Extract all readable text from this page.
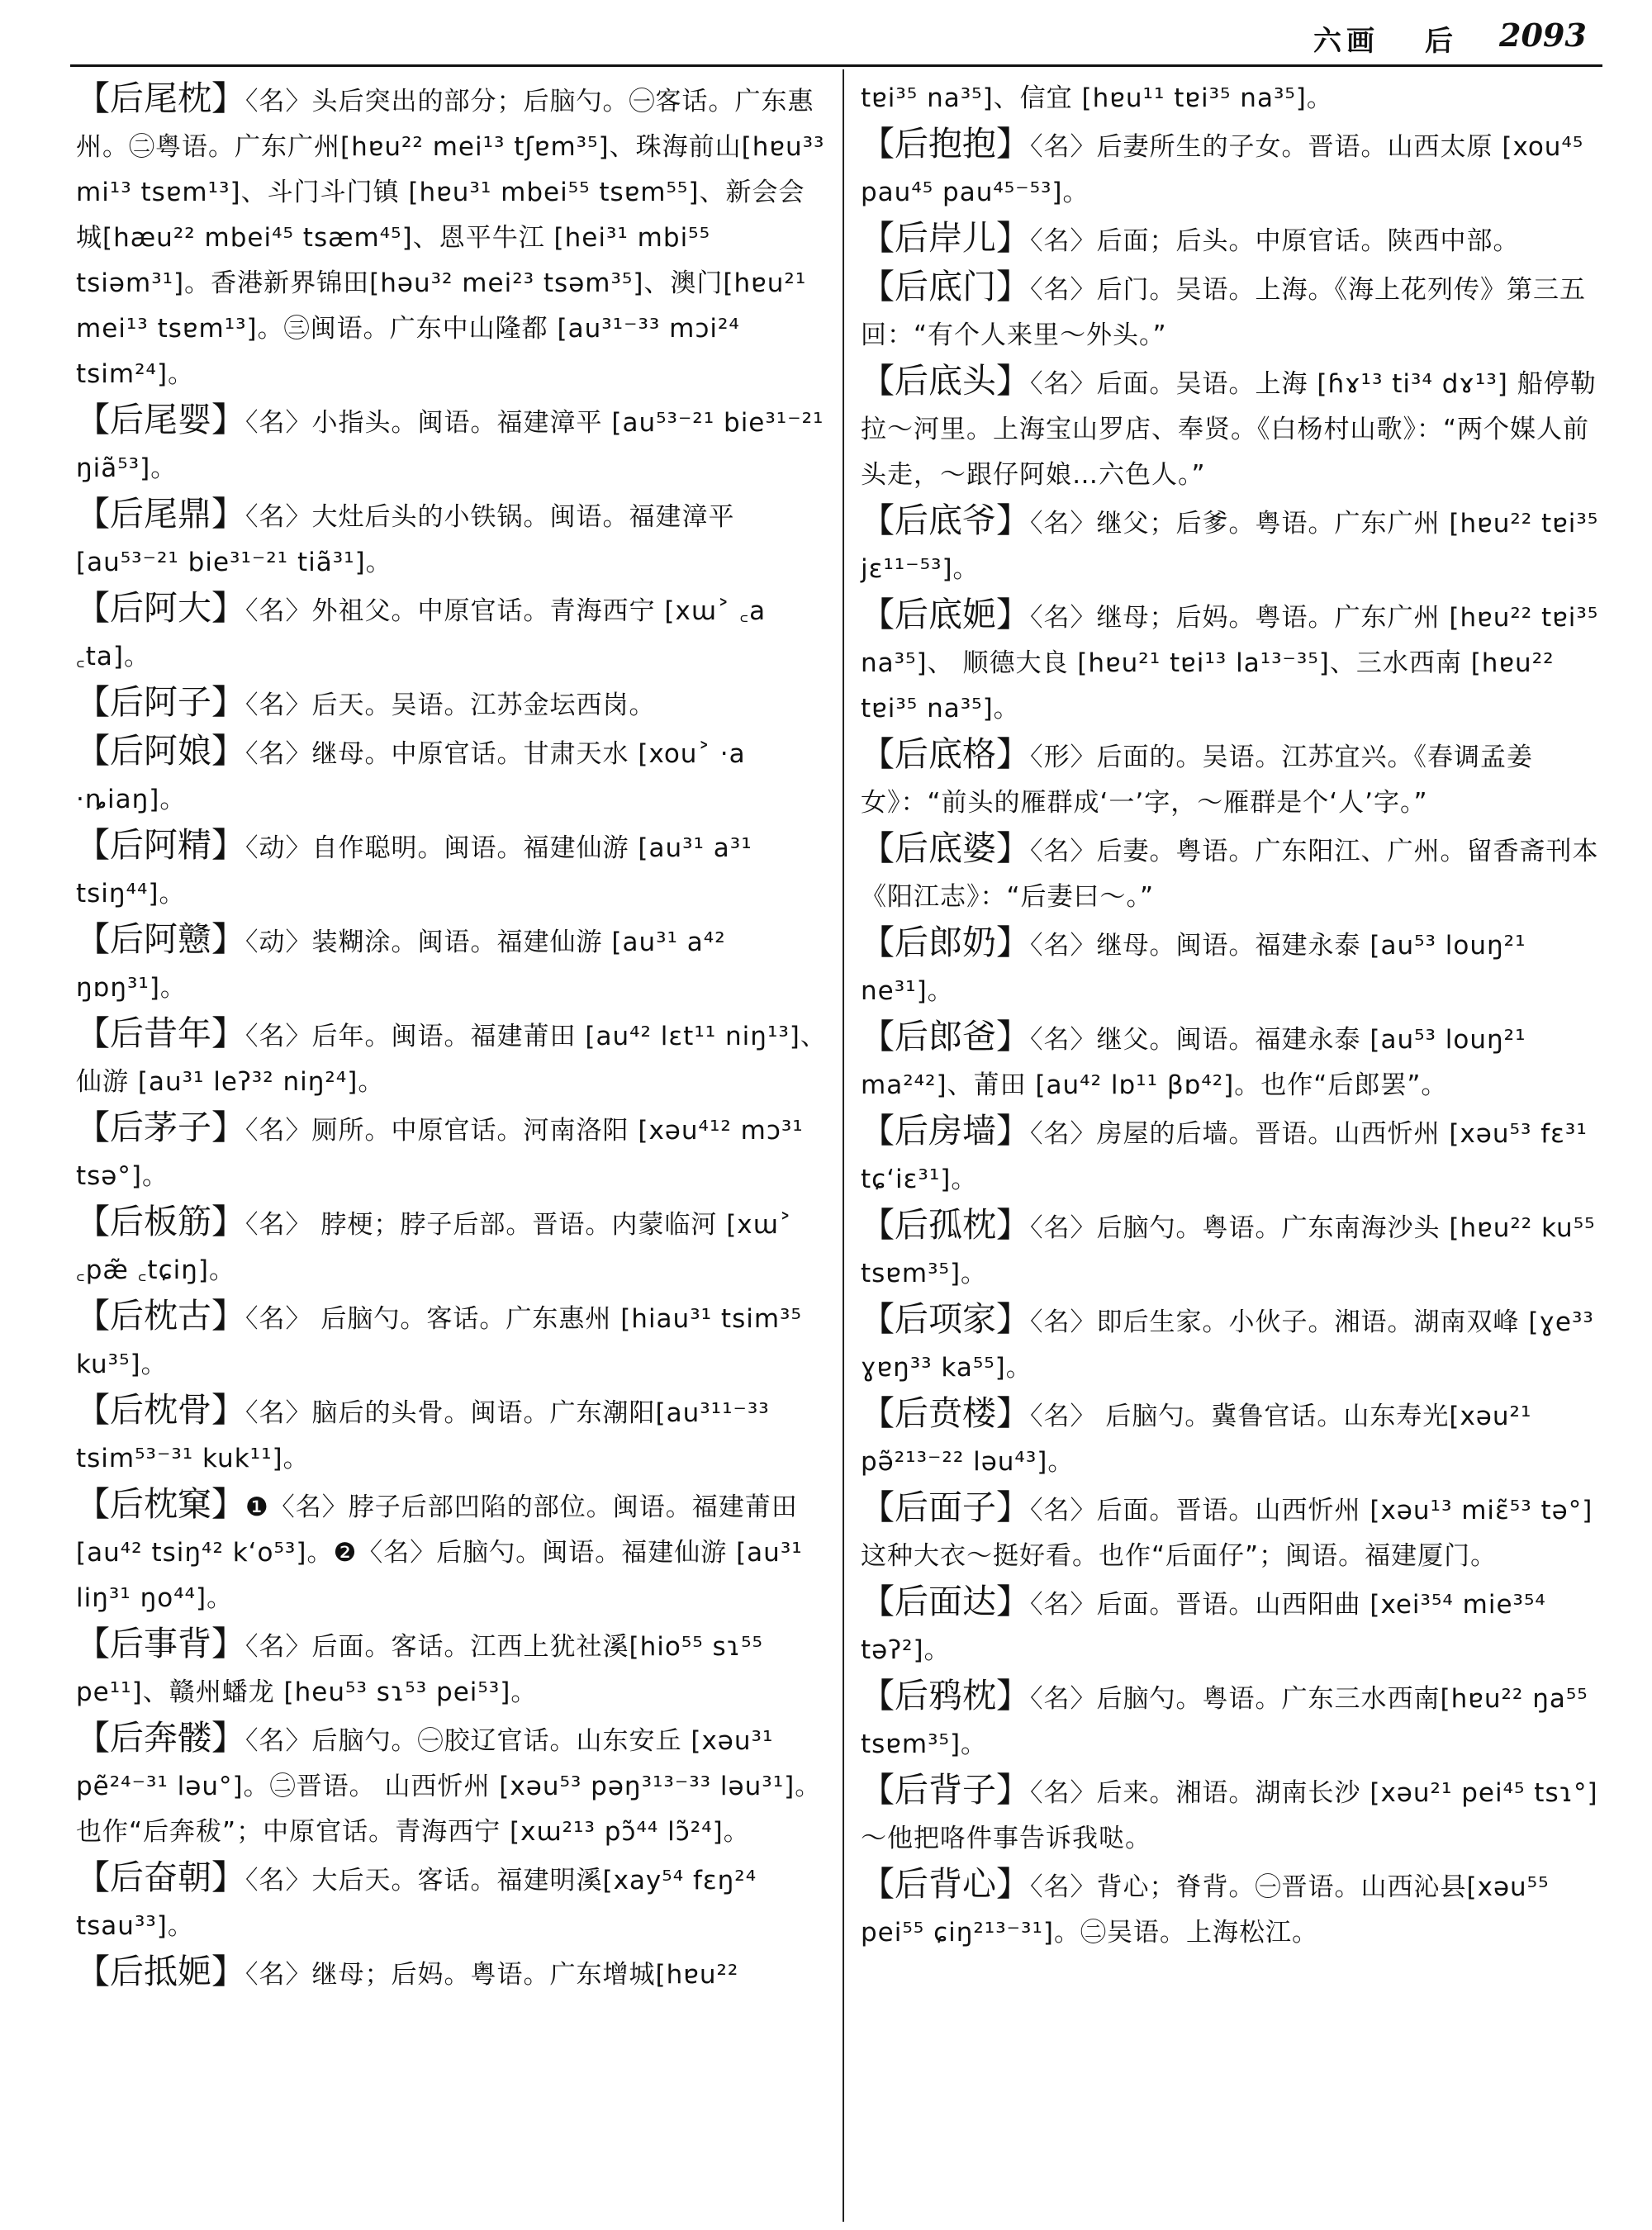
六画 后 2093

【后尾枕】〈名〉头后突出的部分；后脑勺。㊀客话。广东惠州。㊁粤语。广东广州[hɐu²² mei¹³ tʃɐm³⁵]、珠海前山[hɐu³³ mi¹³ tsɐm¹³]、斗门斗门镇 [hɐu³¹ mbei⁵⁵ tsɐm⁵⁵]、新会会城[hæu²² mbei⁴⁵ tsæm⁴⁵]、恩平牛江 [hei³¹ mbi⁵⁵ tsiəm³¹]。香港新界锦田[həu³² mei²³ tsəm³⁵]、澳门[hɐu²¹ mei¹³ tsɐm¹³]。㊂闽语。广东中山隆都 [au³¹⁻³³ mɔi²⁴ tsim²⁴]。

【后尾婴】〈名〉小指头。闽语。福建漳平 [au⁵³⁻²¹ bie³¹⁻²¹ ŋiã⁵³]。

【后尾鼎】〈名〉大灶后头的小铁锅。闽语。福建漳平 [au⁵³⁻²¹ bie³¹⁻²¹ tiã³¹]。

【后阿大】〈名〉外祖父。中原官话。青海西宁 [xɯ˃ ꜀a ꜀ta]。

【后阿子】〈名〉后天。吴语。江苏金坛西岗。

【后阿娘】〈名〉继母。中原官话。甘肃天水 [xou˃ ·a ·ȵiaŋ]。

【后阿精】〈动〉自作聪明。闽语。福建仙游 [au³¹ a³¹ tsiŋ⁴⁴]。

【后阿戆】〈动〉装糊涂。闽语。福建仙游 [au³¹ a⁴² ŋɒŋ³¹]。

【后昔年】〈名〉后年。闽语。福建莆田 [au⁴² lɛt¹¹ niŋ¹³]、仙游 [au³¹ leʔ³² niŋ²⁴]。

【后茅子】〈名〉厕所。中原官话。河南洛阳 [xəu⁴¹² mɔ³¹ tsə°]。

【后板筋】〈名〉 脖梗；脖子后部。晋语。内蒙临河 [xɯ˃ ꜀pæ̃ ꜀tɕiŋ]。

【后枕古】〈名〉 后脑勺。客话。广东惠州 [hiau³¹ tsim³⁵ ku³⁵]。

【后枕骨】〈名〉脑后的头骨。闽语。广东潮阳[au³¹¹⁻³³ tsim⁵³⁻³¹ kuk¹¹]。

【后枕窠】❶〈名〉脖子后部凹陷的部位。闽语。福建莆田 [au⁴² tsiŋ⁴² kʻo⁵³]。❷〈名〉后脑勺。闽语。福建仙游 [au³¹ liŋ³¹ ŋo⁴⁴]。

【后事背】〈名〉后面。客话。江西上犹社溪[hio⁵⁵ sɿ⁵⁵ pe¹¹]、赣州蟠龙 [heu⁵³ sɿ⁵³ pei⁵³]。

【后奔髅】〈名〉后脑勺。㊀胶辽官话。山东安丘 [xəu³¹ pẽ²⁴⁻³¹ ləu°]。㊁晋语。 山西忻州 [xəu⁵³ pəŋ³¹³⁻³³ ləu³¹]。也作“后奔秡”；中原官话。青海西宁 [xɯ²¹³ pɔ̃⁴⁴ lɔ̃²⁴]。

【后奋朝】〈名〉大后天。客话。福建明溪[xay⁵⁴ fɛŋ²⁴ tsau³³]。

【后抵㛂】〈名〉继母；后妈。粤语。广东增城[hɐu²²

tɐi³⁵ na³⁵]、信宜 [hɐu¹¹ tɐi³⁵ na³⁵]。

【后抱抱】〈名〉后妻所生的子女。晋语。山西太原 [xou⁴⁵ pau⁴⁵ pau⁴⁵⁻⁵³]。

【后岸儿】〈名〉后面；后头。中原官话。陕西中部。

【后底门】〈名〉后门。吴语。上海。《海上花列传》第三五回：“有个人来里～外头。”

【后底头】〈名〉后面。吴语。上海 [ɦɤ¹³ ti³⁴ dɤ¹³] 船停勒拉～河里。上海宝山罗店、奉贤。《白杨村山歌》：“两个媒人前头走，～跟仔阿娘…六色人。”

【后底爷】〈名〉继父；后爹。粤语。广东广州 [hɐu²² tɐi³⁵ jɛ¹¹⁻⁵³]。

【后底㛂】〈名〉继母；后妈。粤语。广东广州 [hɐu²² tɐi³⁵ na³⁵]、 顺德大良 [hɐu²¹ tɐi¹³ la¹³⁻³⁵]、三水西南 [hɐu²² tɐi³⁵ na³⁵]。

【后底格】〈形〉后面的。吴语。江苏宜兴。《春调孟姜女》：“前头的雁群成‘一’字，～雁群是个‘人’字。”

【后底婆】〈名〉后妻。粤语。广东阳江、广州。留香斋刊本《阳江志》：“后妻曰～。”

【后郎奶】〈名〉继母。闽语。福建永泰 [au⁵³ louŋ²¹ ne³¹]。

【后郎爸】〈名〉继父。闽语。福建永泰 [au⁵³ louŋ²¹ ma²⁴²]、莆田 [au⁴² lɒ¹¹ βɒ⁴²]。也作“后郎罢”。

【后房墙】〈名〉房屋的后墙。晋语。山西忻州 [xəu⁵³ fɛ³¹ tɕʻiɛ³¹]。

【后孤枕】〈名〉后脑勺。粤语。广东南海沙头 [hɐu²² ku⁵⁵ tsɐm³⁵]。

【后项家】〈名〉即后生家。小伙子。湘语。湖南双峰 [ɣe³³ ɣɐŋ³³ ka⁵⁵]。

【后贲楼】〈名〉 后脑勺。冀鲁官话。山东寿光[xəu²¹ pə̃²¹³⁻²² ləu⁴³]。

【后面子】〈名〉后面。晋语。山西忻州 [xəu¹³ miɛ̃⁵³ tə°] 这种大衣～挺好看。也作“后面仔”；闽语。福建厦门。

【后面达】〈名〉后面。晋语。山西阳曲 [xei³⁵⁴ mie³⁵⁴ təʔ²]。

【后鸦枕】〈名〉后脑勺。粤语。广东三水西南[hɐu²² ŋa⁵⁵ tsɐm³⁵]。

【后背子】〈名〉后来。湘语。湖南长沙 [xəu²¹ pei⁴⁵ tsɿ°] ～他把咯件事告诉我哒。

【后背心】〈名〉背心；脊背。㊀晋语。山西沁县[xəu⁵⁵ pei⁵⁵ ɕiŋ²¹³⁻³¹]。㊁吴语。上海松江。
